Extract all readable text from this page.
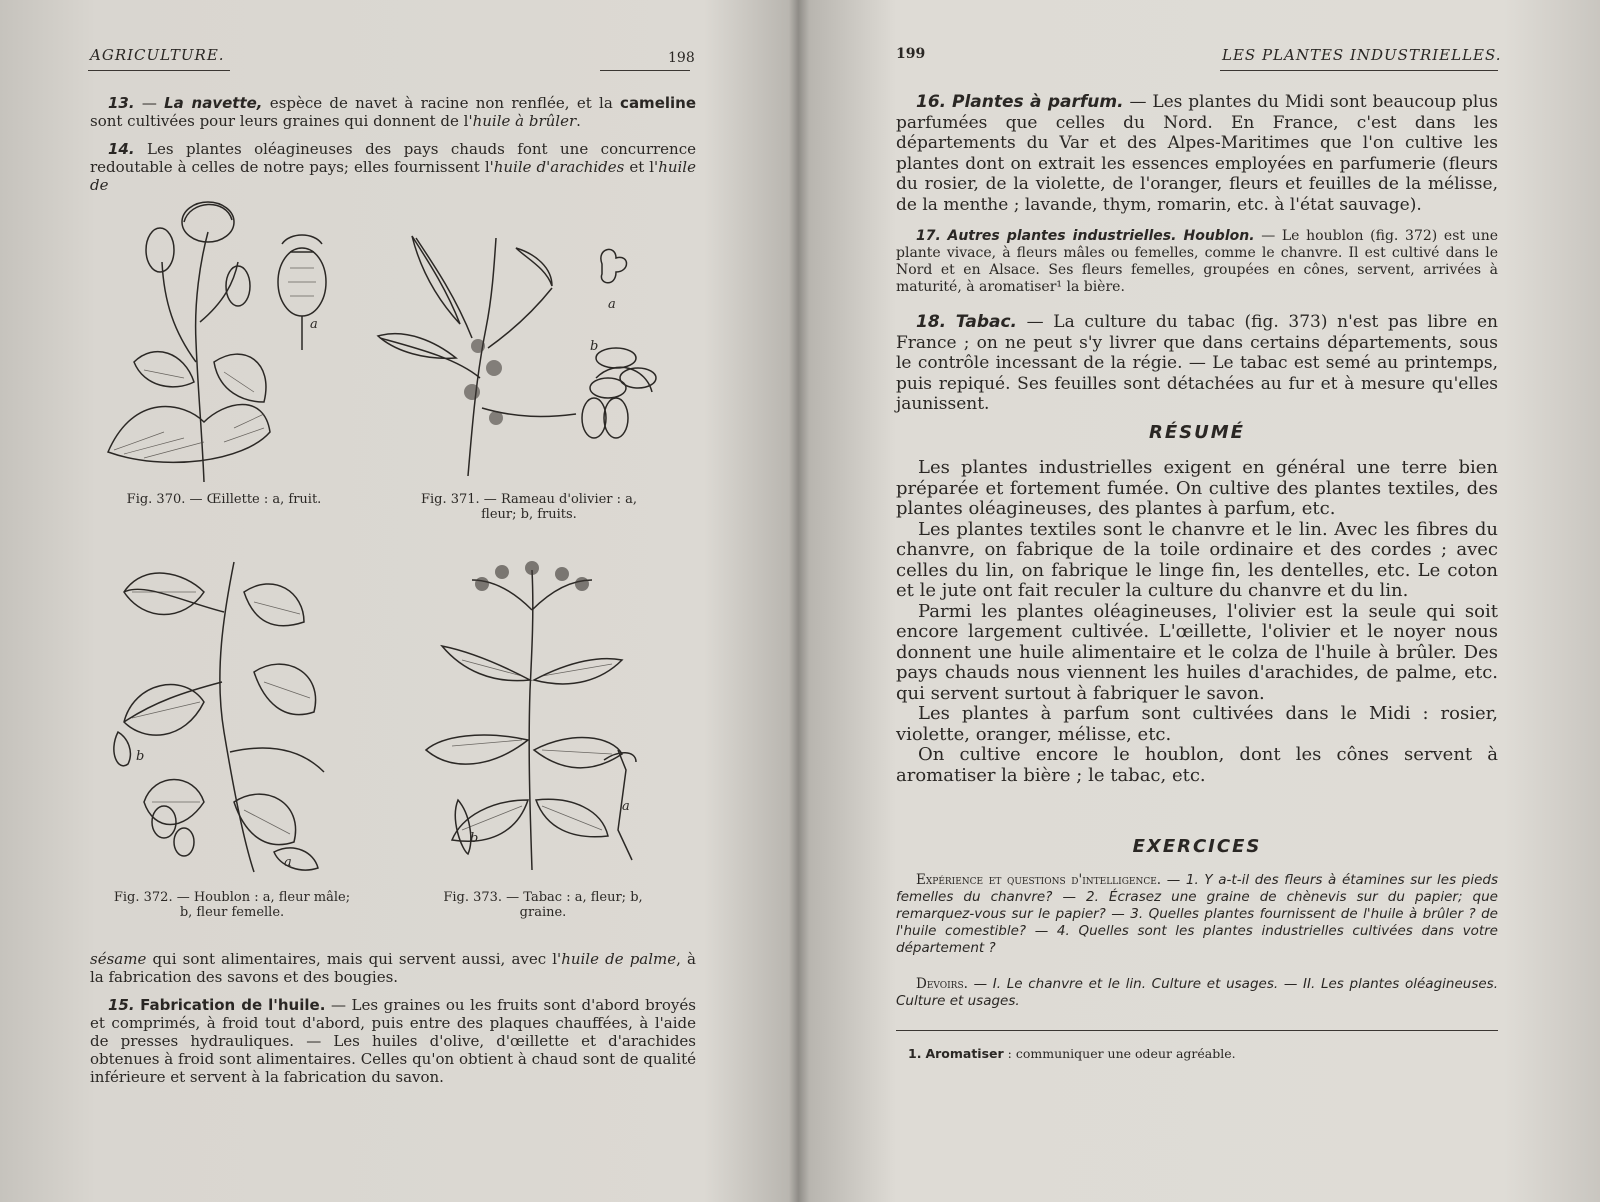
AGRICULTURE.	198
13. — La navette, espèce de navet à racine non renflée, et la cameline sont cultivées pour leurs graines qui donnent de l'huile à brûler.
14. Les plantes oléagineuses des pays chauds font une concurrence redoutable à celles de notre pays; elles fournissent l'huile d'arachides et l'huile de
a
Fig. 370. — Œillette : a, fruit.
a
b
Fig. 371. — Rameau d'olivier : a, fleur; b, fruits.
b
a
Fig. 372. — Houblon : a, fleur mâle; b, fleur femelle.
b
a
Fig. 373. — Tabac : a, fleur; b, graine.
sésame qui sont alimentaires, mais qui servent aussi, avec l'huile de palme, à la fabrication des savons et des bougies.
15. Fabrication de l'huile. — Les graines ou les fruits sont d'abord broyés et comprimés, à froid tout d'abord, puis entre des plaques chauffées, à l'aide de presses hydrauliques. — Les huiles d'olive, d'œillette et d'arachides obtenues à froid sont alimentaires. Celles qu'on obtient à chaud sont de qualité inférieure et servent à la fabrication du savon.
199	LES PLANTES INDUSTRIELLES.
16. Plantes à parfum. — Les plantes du Midi sont beaucoup plus parfumées que celles du Nord. En France, c'est dans les départements du Var et des Alpes-Maritimes que l'on cultive les plantes dont on extrait les essences employées en parfumerie (fleurs du rosier, de la violette, de l'oranger, fleurs et feuilles de la mélisse, de la menthe ; lavande, thym, romarin, etc. à l'état sauvage).
17. Autres plantes industrielles. Houblon. — Le houblon (fig. 372) est une plante vivace, à fleurs mâles ou femelles, comme le chanvre. Il est cultivé dans le Nord et en Alsace. Ses fleurs femelles, groupées en cônes, servent, arrivées à maturité, à aromatiser¹ la bière.
18. Tabac. — La culture du tabac (fig. 373) n'est pas libre en France ; on ne peut s'y livrer que dans certains départements, sous le contrôle incessant de la régie. — Le tabac est semé au printemps, puis repiqué. Ses feuilles sont détachées au fur et à mesure qu'elles jaunissent.
RÉSUMÉ
Les plantes industrielles exigent en général une terre bien préparée et fortement fumée. On cultive des plantes textiles, des plantes oléagineuses, des plantes à parfum, etc.
Les plantes textiles sont le chanvre et le lin. Avec les fibres du chanvre, on fabrique de la toile ordinaire et des cordes ; avec celles du lin, on fabrique le linge fin, les dentelles, etc. Le coton et le jute ont fait reculer la culture du chanvre et du lin.
Parmi les plantes oléagineuses, l'olivier est la seule qui soit encore largement cultivée. L'œillette, l'olivier et le noyer nous donnent une huile alimentaire et le colza de l'huile à brûler. Des pays chauds nous viennent les huiles d'arachides, de palme, etc. qui servent surtout à fabriquer le savon.
Les plantes à parfum sont cultivées dans le Midi : rosier, violette, oranger, mélisse, etc.
On cultive encore le houblon, dont les cônes servent à aromatiser la bière ; le tabac, etc.
EXERCICES
Expérience et questions d'intelligence. — 1. Y a-t-il des fleurs à étamines sur les pieds femelles du chanvre? — 2. Écrasez une graine de chènevis sur du papier; que remarquez-vous sur le papier? — 3. Quelles plantes fournissent de l'huile à brûler ? de l'huile comestible? — 4. Quelles sont les plantes industrielles cultivées dans votre département ?
Devoirs. — I. Le chanvre et le lin. Culture et usages. — II. Les plantes oléagineuses. Culture et usages.
1. Aromatiser : communiquer une odeur agréable.
